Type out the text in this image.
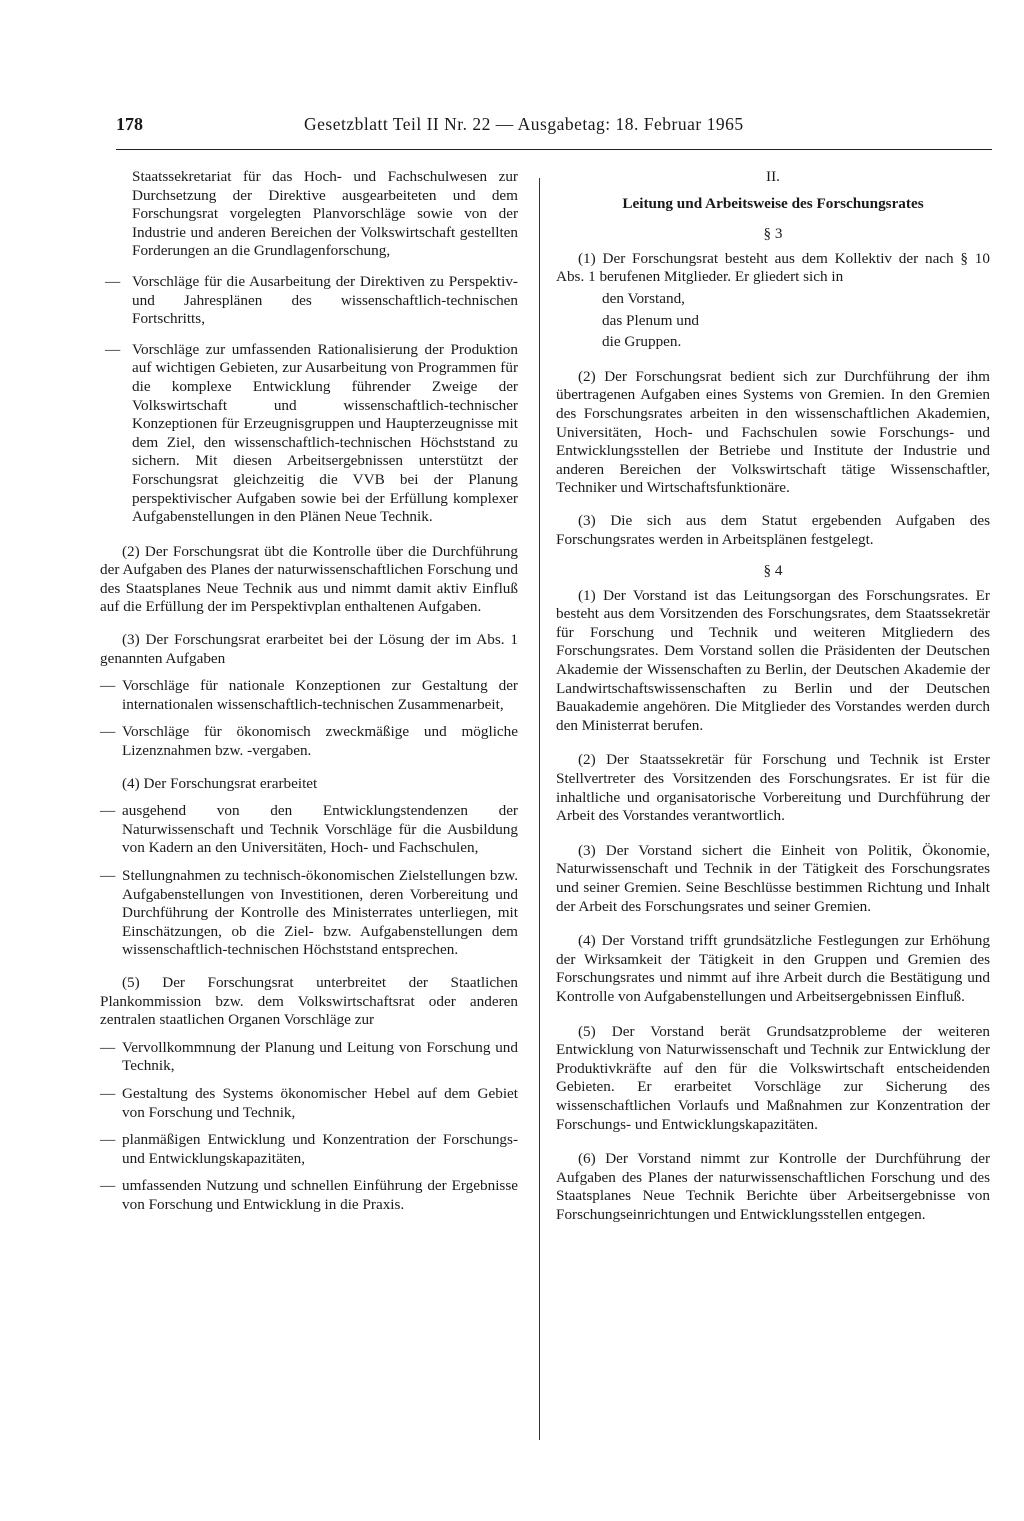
178	Gesetzblatt Teil II Nr. 22 — Ausgabetag: 18. Februar 1965

Staatssekretariat für das Hoch- und Fachschulwesen zur Durchsetzung der Direktive ausgearbeiteten und dem Forschungsrat vorgelegten Planvorschläge sowie von der Industrie und anderen Bereichen der Volkswirtschaft gestellten Forderungen an die Grundlagenforschung,

— Vorschläge für die Ausarbeitung der Direktiven zu Perspektiv- und Jahresplänen des wissenschaftlich-technischen Fortschritts,

— Vorschläge zur umfassenden Rationalisierung der Produktion auf wichtigen Gebieten, zur Ausarbeitung von Programmen für die komplexe Entwicklung führender Zweige der Volkswirtschaft und wissenschaftlich-technischer Konzeptionen für Erzeugnisgruppen und Haupterzeugnisse mit dem Ziel, den wissenschaftlich-technischen Höchststand zu sichern. Mit diesen Arbeitsergebnissen unterstützt der Forschungsrat gleichzeitig die VVB bei der Planung perspektivischer Aufgaben sowie bei der Erfüllung komplexer Aufgabenstellungen in den Plänen Neue Technik.

(2) Der Forschungsrat übt die Kontrolle über die Durchführung der Aufgaben des Planes der naturwissenschaftlichen Forschung und des Staatsplanes Neue Technik aus und nimmt damit aktiv Einfluß auf die Erfüllung der im Perspektivplan enthaltenen Aufgaben.

(3) Der Forschungsrat erarbeitet bei der Lösung der im Abs. 1 genannten Aufgaben

— Vorschläge für nationale Konzeptionen zur Gestaltung der internationalen wissenschaftlich-technischen Zusammenarbeit,

— Vorschläge für ökonomisch zweckmäßige und mögliche Lizenznahmen bzw. -vergaben.

(4) Der Forschungsrat erarbeitet

— ausgehend von den Entwicklungstendenzen der Naturwissenschaft und Technik Vorschläge für die Ausbildung von Kadern an den Universitäten, Hoch- und Fachschulen,

— Stellungnahmen zu technisch-ökonomischen Zielstellungen bzw. Aufgabenstellungen von Investitionen, deren Vorbereitung und Durchführung der Kontrolle des Ministerrates unterliegen, mit Einschätzungen, ob die Ziel- bzw. Aufgabenstellungen dem wissenschaftlich-technischen Höchststand entsprechen.

(5) Der Forschungsrat unterbreitet der Staatlichen Plankommission bzw. dem Volkswirtschaftsrat oder anderen zentralen staatlichen Organen Vorschläge zur

— Vervollkommnung der Planung und Leitung von Forschung und Technik,

— Gestaltung des Systems ökonomischer Hebel auf dem Gebiet von Forschung und Technik,

— planmäßigen Entwicklung und Konzentration der Forschungs- und Entwicklungskapazitäten,

— umfassenden Nutzung und schnellen Einführung der Ergebnisse von Forschung und Entwicklung in die Praxis.

II.

Leitung und Arbeitsweise des Forschungsrates

§ 3

(1) Der Forschungsrat besteht aus dem Kollektiv der nach § 10 Abs. 1 berufenen Mitglieder. Er gliedert sich in

den Vorstand,

das Plenum und

die Gruppen.

(2) Der Forschungsrat bedient sich zur Durchführung der ihm übertragenen Aufgaben eines Systems von Gremien. In den Gremien des Forschungsrates arbeiten in den wissenschaftlichen Akademien, Universitäten, Hoch- und Fachschulen sowie Forschungs- und Entwicklungsstellen der Betriebe und Institute der Industrie und anderen Bereichen der Volkswirtschaft tätige Wissenschaftler, Techniker und Wirtschaftsfunktionäre.

(3) Die sich aus dem Statut ergebenden Aufgaben des Forschungsrates werden in Arbeitsplänen festgelegt.

§ 4

(1) Der Vorstand ist das Leitungsorgan des Forschungsrates. Er besteht aus dem Vorsitzenden des Forschungsrates, dem Staatssekretär für Forschung und Technik und weiteren Mitgliedern des Forschungsrates. Dem Vorstand sollen die Präsidenten der Deutschen Akademie der Wissenschaften zu Berlin, der Deutschen Akademie der Landwirtschaftswissenschaften zu Berlin und der Deutschen Bauakademie angehören. Die Mitglieder des Vorstandes werden durch den Ministerrat berufen.

(2) Der Staatssekretär für Forschung und Technik ist Erster Stellvertreter des Vorsitzenden des Forschungsrates. Er ist für die inhaltliche und organisatorische Vorbereitung und Durchführung der Arbeit des Vorstandes verantwortlich.

(3) Der Vorstand sichert die Einheit von Politik, Ökonomie, Naturwissenschaft und Technik in der Tätigkeit des Forschungsrates und seiner Gremien. Seine Beschlüsse bestimmen Richtung und Inhalt der Arbeit des Forschungsrates und seiner Gremien.

(4) Der Vorstand trifft grundsätzliche Festlegungen zur Erhöhung der Wirksamkeit der Tätigkeit in den Gruppen und Gremien des Forschungsrates und nimmt auf ihre Arbeit durch die Bestätigung und Kontrolle von Aufgabenstellungen und Arbeitsergebnissen Einfluß.

(5) Der Vorstand berät Grundsatzprobleme der weiteren Entwicklung von Naturwissenschaft und Technik zur Entwicklung der Produktivkräfte auf den für die Volkswirtschaft entscheidenden Gebieten. Er erarbeitet Vorschläge zur Sicherung des wissenschaftlichen Vorlaufs und Maßnahmen zur Konzentration der Forschungs- und Entwicklungskapazitäten.

(6) Der Vorstand nimmt zur Kontrolle der Durchführung der Aufgaben des Planes der naturwissenschaftlichen Forschung und des Staatsplanes Neue Technik Berichte über Arbeitsergebnisse von Forschungseinrichtungen und Entwicklungsstellen entgegen.
